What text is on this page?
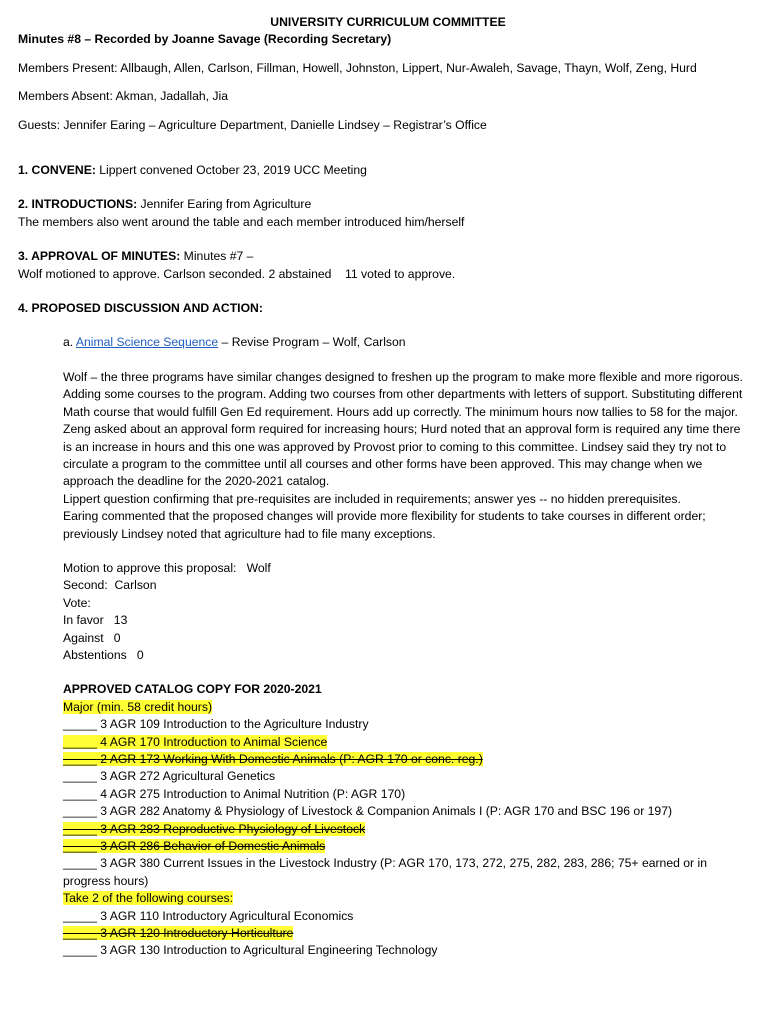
UNIVERSITY CURRICULUM COMMITTEE

Minutes #8 – Recorded by Joanne Savage (Recording Secretary)

Members Present: Allbaugh, Allen, Carlson, Fillman, Howell, Johnston, Lippert, Nur-Awaleh, Savage, Thayn, Wolf, Zeng, Hurd

Members Absent: Akman, Jadallah, Jia

Guests: Jennifer Earing – Agriculture Department, Danielle Lindsey – Registrar’s Office

1. CONVENE: Lippert convened October 23, 2019 UCC Meeting

2. INTRODUCTIONS: Jennifer Earing from Agriculture

The members also went around the table and each member introduced him/herself

3. APPROVAL OF MINUTES: Minutes #7 –

Wolf motioned to approve. Carlson seconded. 2 abstained    11 voted to approve.

4. PROPOSED DISCUSSION AND ACTION:

a. Animal Science Sequence – Revise Program – Wolf, Carlson

Wolf – the three programs have similar changes designed to freshen up the program to make more flexible and more rigorous. Adding some courses to the program. Adding two courses from other departments with letters of support. Substituting different Math course that would fulfill Gen Ed requirement. Hours add up correctly. The minimum hours now tallies to 58 for the major.

Zeng asked about an approval form required for increasing hours; Hurd noted that an approval form is required any time there is an increase in hours and this one was approved by Provost prior to coming to this committee. Lindsey said they try not to circulate a program to the committee until all courses and other forms have been approved. This may change when we approach the deadline for the 2020-2021 catalog.

Lippert question confirming that pre-requisites are included in requirements; answer yes -- no hidden prerequisites.

Earing commented that the proposed changes will provide more flexibility for students to take courses in different order; previously Lindsey noted that agriculture had to file many exceptions.

Motion to approve this proposal:   Wolf

Second:  Carlson

Vote:

In favor   13

Against   0

Abstentions   0

APPROVED CATALOG COPY FOR 2020-2021

Major (min. 58 credit hours)

_____ 3 AGR 109 Introduction to the Agriculture Industry

_____ 4 AGR 170 Introduction to Animal Science

_____ 2 AGR 173 Working With Domestic Animals (P: AGR 170 or conc. reg.)

_____ 3 AGR 272 Agricultural Genetics

_____ 4 AGR 275 Introduction to Animal Nutrition (P: AGR 170)

_____ 3 AGR 282 Anatomy & Physiology of Livestock & Companion Animals I (P: AGR 170 and BSC 196 or 197)

_____ 3 AGR 283 Reproductive Physiology of Livestock

_____ 3 AGR 286 Behavior of Domestic Animals

_____ 3 AGR 380 Current Issues in the Livestock Industry (P: AGR 170, 173, 272, 275, 282, 283, 286; 75+ earned or in

progress hours)

Take 2 of the following courses:

_____ 3 AGR 110 Introductory Agricultural Economics

_____ 3 AGR 120 Introductory Horticulture

_____ 3 AGR 130 Introduction to Agricultural Engineering Technology
